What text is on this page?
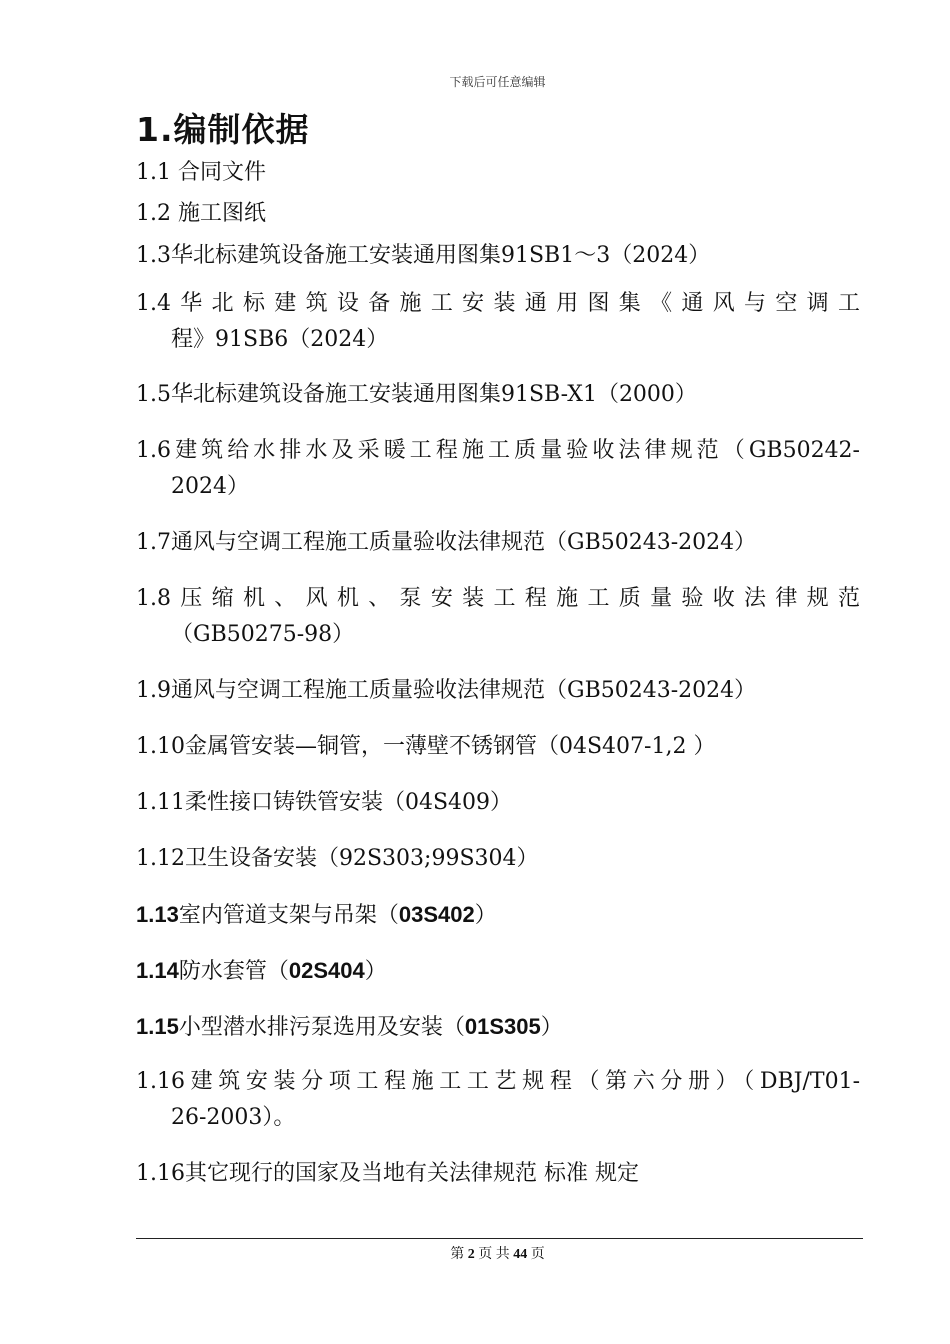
下载后可任意编辑
1.编制依据
1.1 合同文件
1.2 施工图纸
1.3华北标建筑设备施工安装通用图集91SB1～3（2024）
1.4华北标建筑设备施工安装通用图集《通风与空调工
程》91SB6（2024）
1.5华北标建筑设备施工安装通用图集91SB-X1（2000）
1.6建筑给水排水及采暖工程施工质量验收法律规范（GB50242-
2024）
1.7通风与空调工程施工质量验收法律规范（GB50243-2024）
1.8压缩机、风机、泵安装工程施工质量验收法律规范
（GB50275-98）
1.9通风与空调工程施工质量验收法律规范（GB50243-2024）
1.10金属管安装—铜管，一薄壁不锈钢管（04S407-1,2 ）
1.11柔性接口铸铁管安装（04S409）
1.12卫生设备安装（92S303;99S304）
1.13室内管道支架与吊架（03S402）
1.14防水套管（02S404）
1.15小型潜水排污泵选用及安装（01S305）
1.16建筑安装分项工程施工工艺规程（第六分册）（DBJ/T01-
26-2003）。
1.16其它现行的国家及当地有关法律规范 标准 规定
第 2 页 共 44 页
